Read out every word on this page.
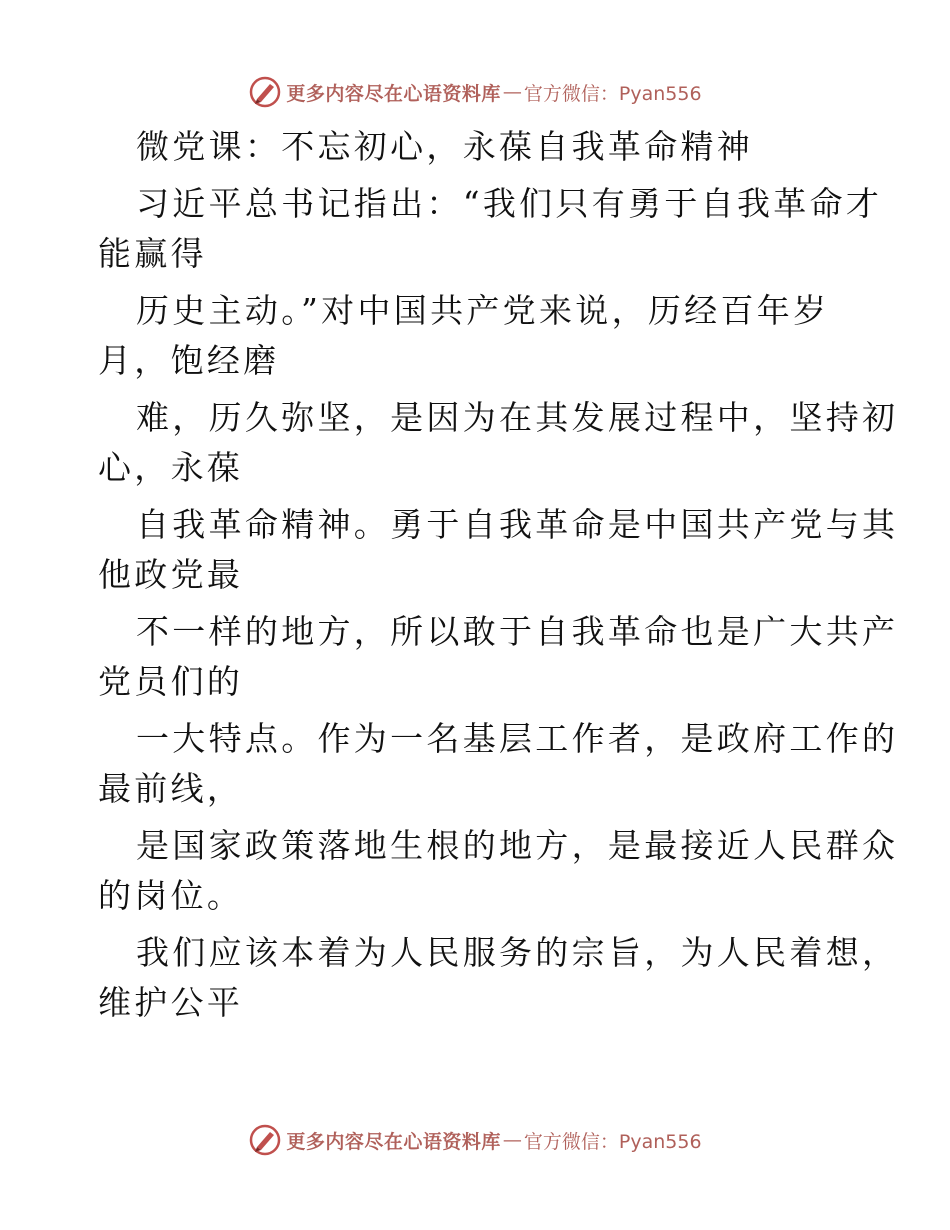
更多内容尽在心语资料库 — 官方微信：Pyan556
微党课：不忘初心，永葆自我革命精神
习近平总书记指出：“我们只有勇于自我革命才
能赢得
历史主动。”对中国共产党来说，历经百年岁
月，饱经磨
难，历久弥坚，是因为在其发展过程中，坚持初
心，永葆
自我革命精神。勇于自我革命是中国共产党与其
他政党最
不一样的地方，所以敢于自我革命也是广大共产
党员们的
一大特点。作为一名基层工作者，是政府工作的
最前线，
是国家政策落地生根的地方，是最接近人民群众
的岗位。
我们应该本着为人民服务的宗旨，为人民着想，
维护公平
更多内容尽在心语资料库 — 官方微信：Pyan556
